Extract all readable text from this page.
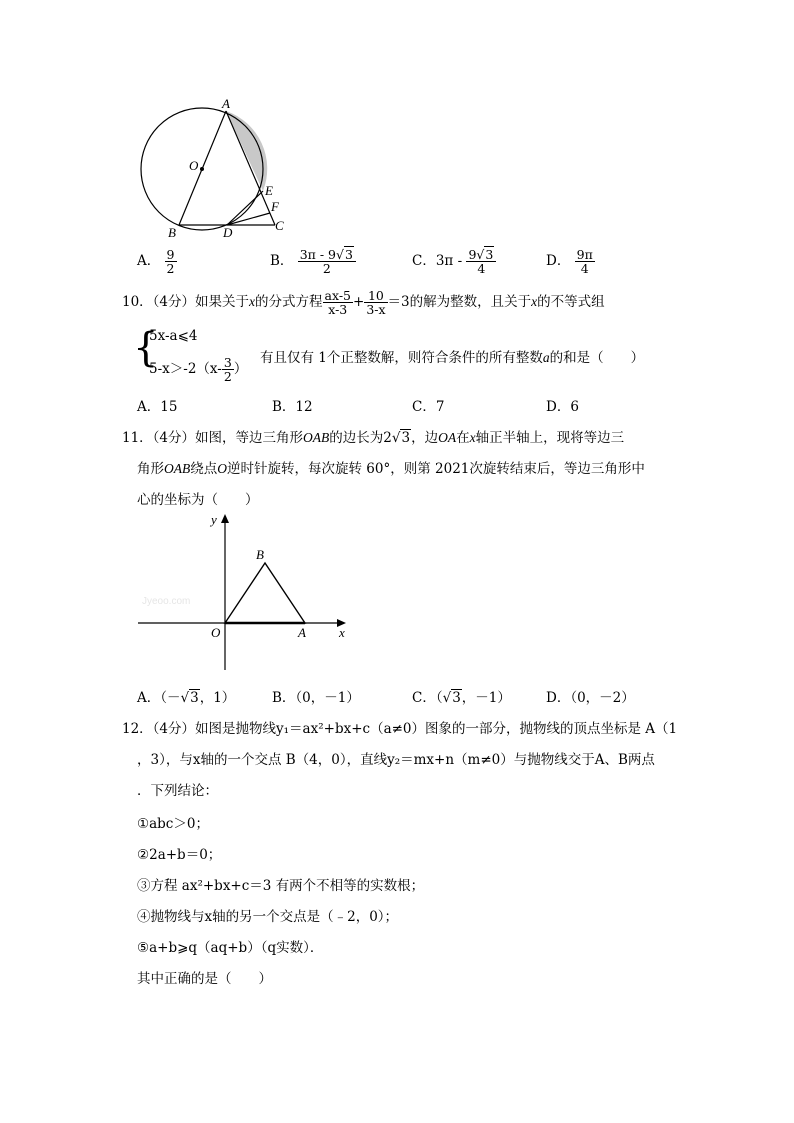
A
O
E
F
C
B	D
A． $\frac{9}{2}$	B． $\frac{3\pi - 9√3}{2}$	C．$3\pi - \frac{9√3}{4}$	D． $\frac{9\pi}{4}$
10．（4分）如果关于x的分式方程 $\frac{ax-5}{x-3} + \frac{10}{3-x} =3$的解为整数，且关于x的不等式组
{
5x-a⩽4
$5-x>-2(x- \frac{3}{2}$ ）
有且仅有 1个正整数解，则符合条件的所有整数a的和是（　　）
A．15	B．12	C．7	D．6
11．（4分）如图，等边三角形OAB的边长为2√3，边OA在x轴正半轴上，现将等边三
角形OAB绕点O逆时针旋转，每次旋转 60°，则第 2021次旋转结束后，等边三角形中
心的坐标为（　　）
Jyeoo.com
y
B
O	A	x
A．（－√3，1）	B．（0，－1）	C．（√3，－1）	D．（0，－2）
12．（4分）如图是抛物线y₁＝ax²+bx+c（a≠0）图象的一部分，抛物线的顶点坐标是 A（1
，3），与x轴的一个交点 B（4，0），直线y₂＝mx+n（m≠0）与抛物线交于A、B两点
．下列结论：
①abc＞0；
②2a+b＝0；
③方程 ax²+bx+c＝3 有两个不相等的实数根；
④抛物线与x轴的另一个交点是（﹣2，0）；
⑤a+b⩾q（aq+b）（q实数）．
其中正确的是（　　）
